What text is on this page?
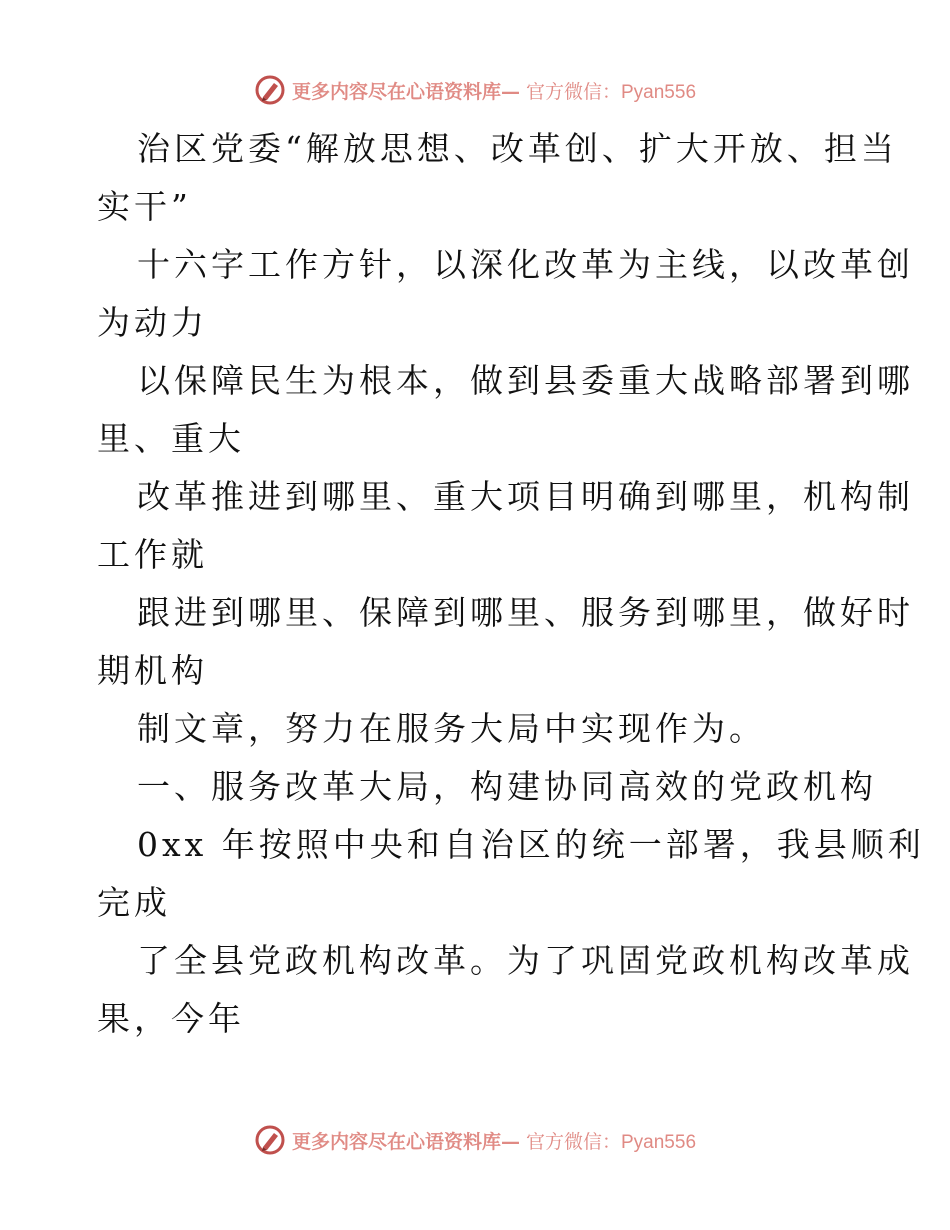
更多内容尽在心语资料库— 官方微信：Pyan556
治区党委“解放思想、改革创、扩大开放、担当
实干”
十六字工作方针，以深化改革为主线，以改革创
为动力
以保障民生为根本，做到县委重大战略部署到哪
里、重大
改革推进到哪里、重大项目明确到哪里，机构制
工作就
跟进到哪里、保障到哪里、服务到哪里，做好时
期机构
制文章，努力在服务大局中实现作为。
一、服务改革大局，构建协同高效的党政机构
0xx 年按照中央和自治区的统一部署，我县顺利
完成
了全县党政机构改革。为了巩固党政机构改革成
果，今年
更多内容尽在心语资料库— 官方微信：Pyan556
